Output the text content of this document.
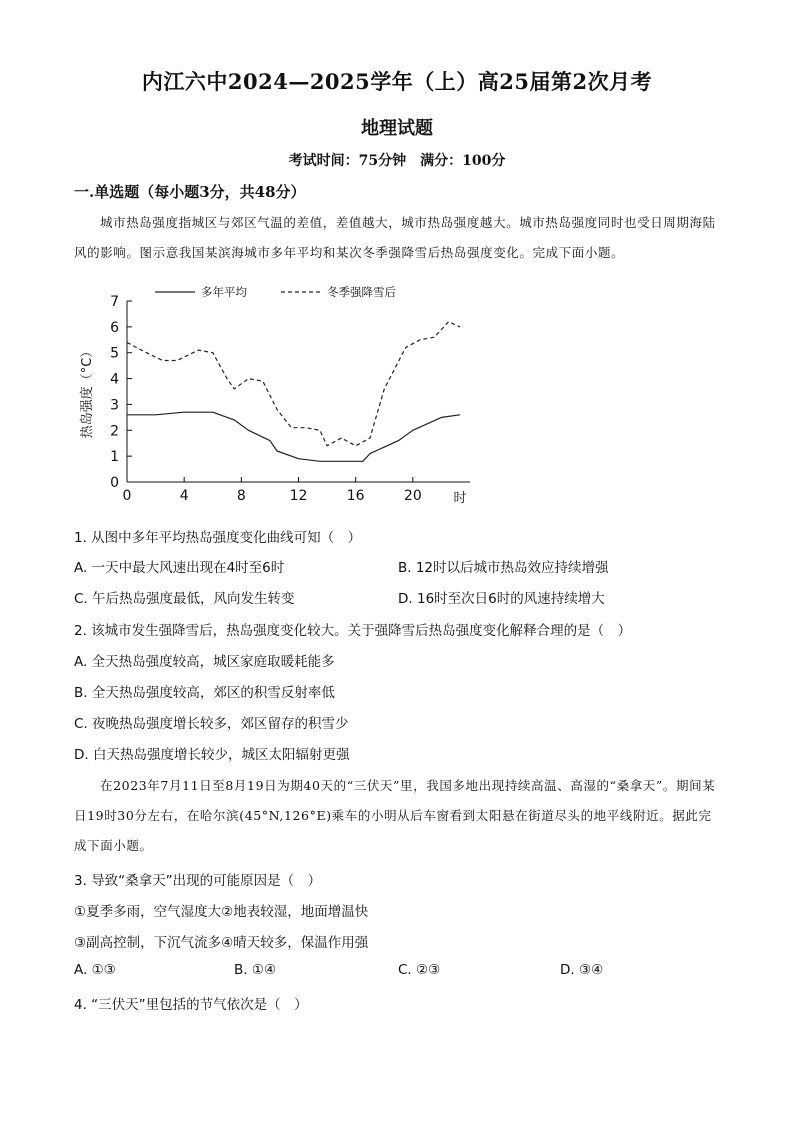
内江六中2024—2025学年（上）高25届第2次月考
地理试题
考试时间：75分钟　满分：100分
一.单选题（每小题3分，共48分）
城市热岛强度指城区与郊区气温的差值，差值越大，城市热岛强度越大。城市热岛强度同时也受日周期海陆风的影响。图示意我国某滨海城市多年平均和某次冬季强降雪后热岛强度变化。完成下面小题。
0
1
2
3
4
5
6
7
0	4	8	12	16	20 时
热岛强度（°C）
多年平均	冬季强降雪后
1. 从图中多年平均热岛强度变化曲线可知（　）
A. 一天中最大风速出现在4时至6时	B. 12时以后城市热岛效应持续增强
C. 午后热岛强度最低，风向发生转变	D. 16时至次日6时的风速持续增大
2. 该城市发生强降雪后，热岛强度变化较大。关于强降雪后热岛强度变化解释合理的是（　）
A. 全天热岛强度较高，城区家庭取暖耗能多
B. 全天热岛强度较高，郊区的积雪反射率低
C. 夜晚热岛强度增长较多，郊区留存的积雪少
D. 白天热岛强度增长较少，城区太阳辐射更强
在2023年7月11日至8月19日为期40天的“三伏天”里，我国多地出现持续高温、高湿的“桑拿天”。期间某日19时30分左右，在哈尔滨(45°N,126°E)乘车的小明从后车窗看到太阳悬在街道尽头的地平线附近。据此完成下面小题。
3. 导致“桑拿天”出现的可能原因是（　）
①夏季多雨，空气湿度大②地表较湿，地面增温快
③副高控制，下沉气流多④晴天较多，保温作用强
A. ①③	B. ①④	C. ②③	D. ③④
4. “三伏天”里包括的节气依次是（　）
